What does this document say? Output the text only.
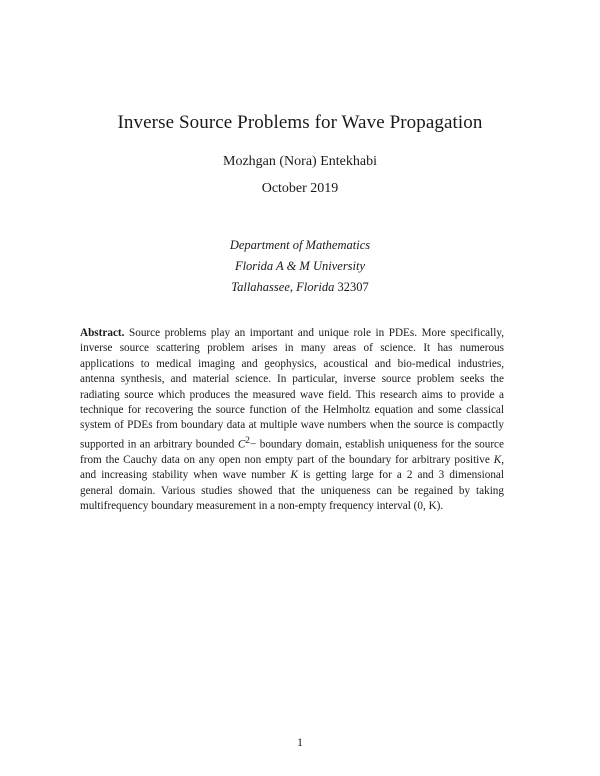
Inverse Source Problems for Wave Propagation
Mozhgan (Nora) Entekhabi
October 2019
Department of Mathematics
Florida A & M University
Tallahassee, Florida 32307
Abstract. Source problems play an important and unique role in PDEs. More specifically, inverse source scattering problem arises in many areas of science. It has numerous applications to medical imaging and geophysics, acoustical and bio-medical industries, antenna synthesis, and material science. In particular, inverse source problem seeks the radiating source which produces the measured wave field. This research aims to provide a technique for recovering the source function of the Helmholtz equation and some classical system of PDEs from boundary data at multiple wave numbers when the source is compactly supported in an arbitrary bounded $C^2-$ boundary domain, establish uniqueness for the source from the Cauchy data on any open non empty part of the boundary for arbitrary positive K, and increasing stability when wave number K is getting large for a 2 and 3 dimensional general domain. Various studies showed that the uniqueness can be regained by taking multifrequency boundary measurement in a non-empty frequency interval (0, K).
1
